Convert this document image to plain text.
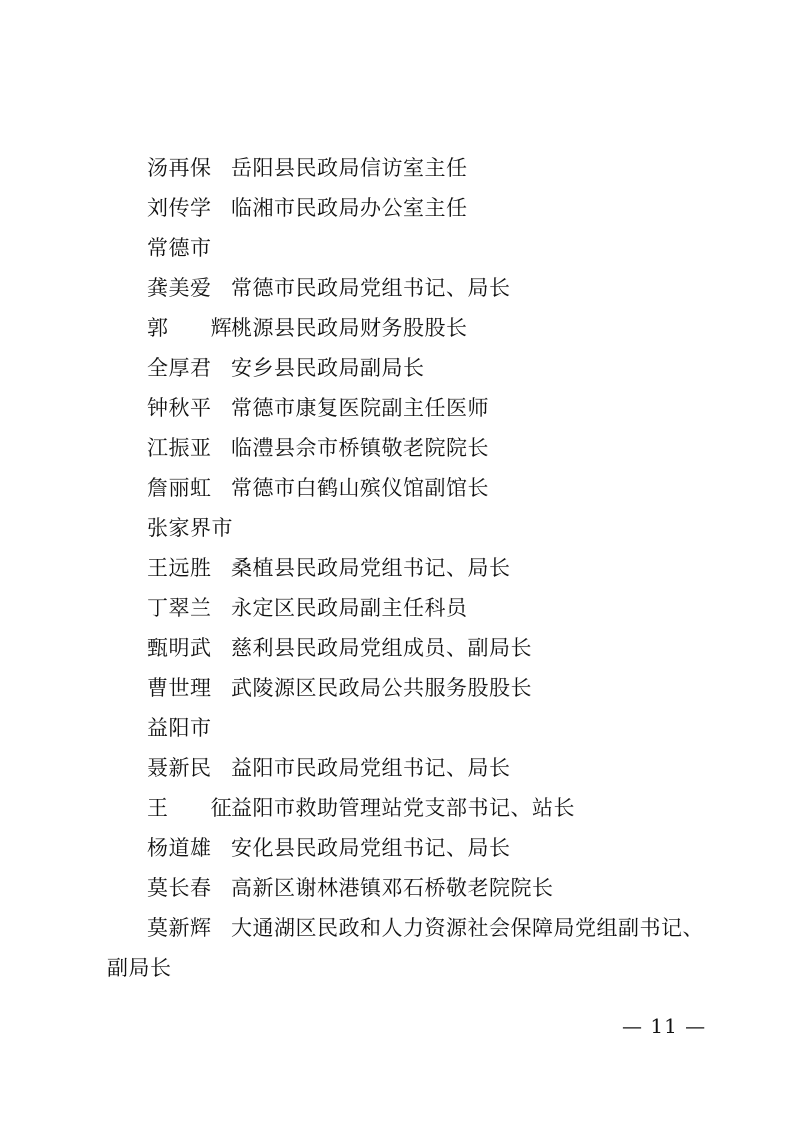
汤再保 岳阳县民政局信访室主任
刘传学 临湘市民政局办公室主任
常德市
龚美爱 常德市民政局党组书记、局长
郭 辉桃源县民政局财务股股长
全厚君 安乡县民政局副局长
钟秋平 常德市康复医院副主任医师
江振亚 临澧县佘市桥镇敬老院院长
詹丽虹 常德市白鹤山殡仪馆副馆长
张家界市
王远胜 桑植县民政局党组书记、局长
丁翠兰 永定区民政局副主任科员
甄明武 慈利县民政局党组成员、副局长
曹世理 武陵源区民政局公共服务股股长
益阳市
聂新民 益阳市民政局党组书记、局长
王 征益阳市救助管理站党支部书记、站长
杨道雄 安化县民政局党组书记、局长
莫长春 高新区谢林港镇邓石桥敬老院院长
莫新辉 大通湖区民政和人力资源社会保障局党组副书记、
副局长
— 11 —
